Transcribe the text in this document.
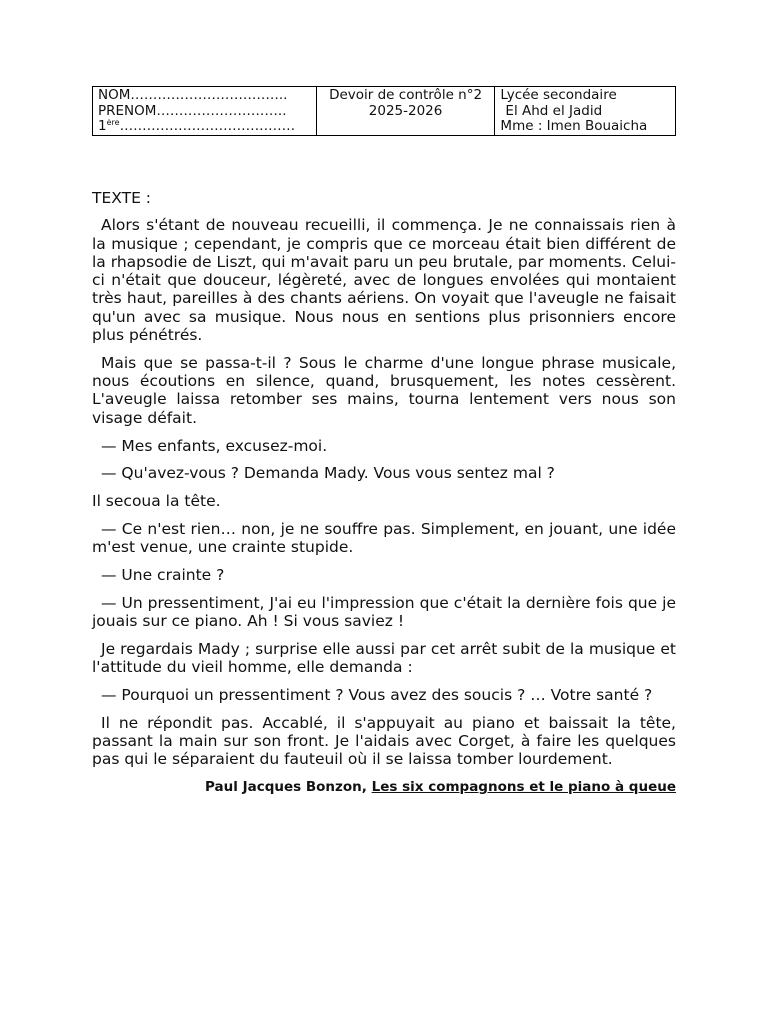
NOM……………………………..
PRENOM………………………..
1ère…………………………………

Devoir de contrôle n°2
2025-2026

Lycée secondaire
El Ahd el Jadid
Mme : Imen Bouaicha

TEXTE :

Alors s'étant de nouveau recueilli, il commença. Je ne connaissais rien à la musique ; cependant, je compris que ce morceau était bien différent de la rhapsodie de Liszt, qui m'avait paru un peu brutale, par moments. Celui-ci n'était que douceur, légèreté, avec de longues envolées qui montaient très haut, pareilles à des chants aériens. On voyait que l'aveugle ne faisait qu'un avec sa musique. Nous nous en sentions plus prisonniers encore plus pénétrés.

Mais que se passa-t-il ? Sous le charme d'une longue phrase musicale, nous écoutions en silence, quand, brusquement, les notes cessèrent. L'aveugle laissa retomber ses mains, tourna lentement vers nous son visage défait.

— Mes enfants, excusez-moi.

— Qu'avez-vous ? Demanda Mady. Vous vous sentez mal ?

Il secoua la tête.

— Ce n'est rien… non, je ne souffre pas. Simplement, en jouant, une idée m'est venue, une crainte stupide.

— Une crainte ?

— Un pressentiment, J'ai eu l'impression que c'était la dernière fois que je jouais sur ce piano. Ah ! Si vous saviez !

Je regardais Mady ; surprise elle aussi par cet arrêt subit de la musique et l'attitude du vieil homme, elle demanda :

— Pourquoi un pressentiment ? Vous avez des soucis ? … Votre santé ?

Il ne répondit pas. Accablé, il s'appuyait au piano et baissait la tête, passant la main sur son front. Je l'aidais avec Corget, à faire les quelques pas qui le séparaient du fauteuil où il se laissa tomber lourdement.

Paul Jacques Bonzon, Les six compagnons et le piano à queue
